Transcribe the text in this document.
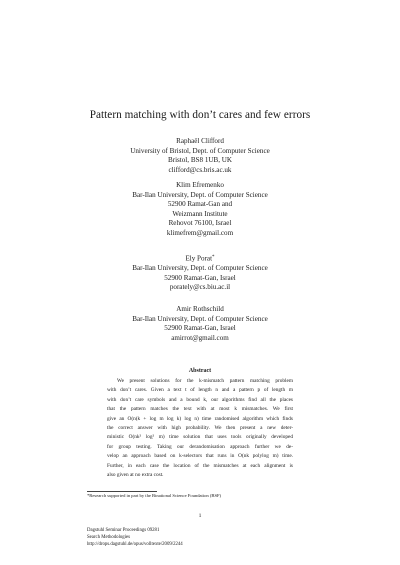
Pattern matching with don’t cares and few errors
Raphaël Clifford
University of Bristol, Dept. of Computer Science
Bristol, BS8 1UB, UK
clifford@cs.bris.ac.uk
Klim Efremenko
Bar-Ilan University, Dept. of Computer Science
52900 Ramat-Gan and
Weizmann Institute
Rehovot 76100, Israel
klimefrem@gmail.com
Ely Porat*
Bar-Ilan University, Dept. of Computer Science
52900 Ramat-Gan, Israel
porately@cs.biu.ac.il
Amir Rothschild
Bar-Ilan University, Dept. of Computer Science
52900 Ramat-Gan, Israel
amirrot@gmail.com
Abstract
We present solutions for the k-mismatch pattern matching problem
with don’t cares. Given a text t of length n and a pattern p of length m
with don’t care symbols and a bound k, our algorithms find all the places
that the pattern matches the text with at most k mismatches. We first
give an O(n(k + log m log k) log n) time randomised algorithm which finds
the correct answer with high probability. We then present a new deter-
ministic O(nk² log² m) time solution that uses tools originally developed
for group testing. Taking our derandomisation approach further we de-
velop an approach based on k-selectors that runs in O(nk polylog m) time.
Further, in each case the location of the mismatches at each alignment is
also given at no extra cost.
*Research supported in part by the Binational Science Foundation (BSF)
1
Dagstuhl Seminar Proceedings 09281
Search Methodologies
http://drops.dagstuhl.de/opus/volltexte/2009/2244
